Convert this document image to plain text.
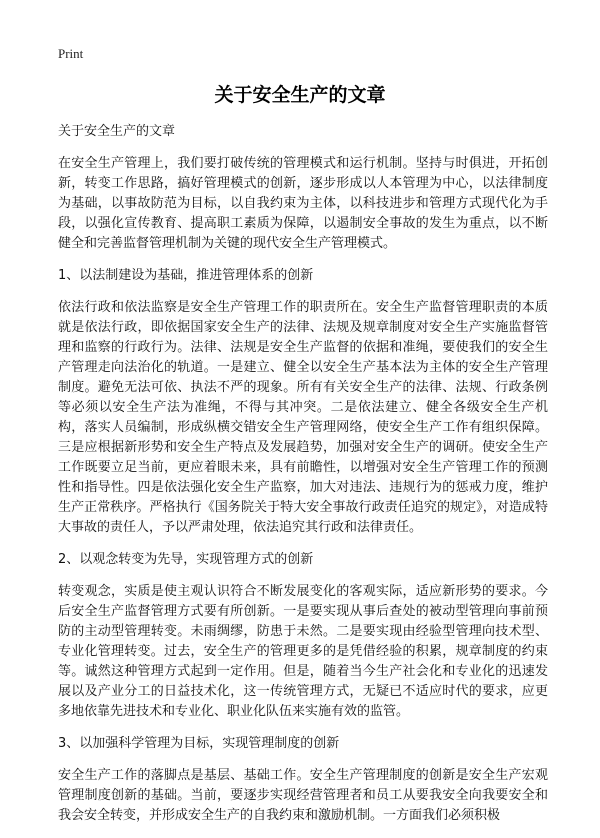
Print
关于安全生产的文章

关于安全生产的文章

在安全生产管理上，我们要打破传统的管理模式和运行机制。坚持与时俱进，开拓创新，转变工作思路，搞好管理模式的创新，逐步形成以人本管理为中心，以法律制度为基础，以事故防范为目标，以自我约束为主体，以科技进步和管理方式现代化为手段，以强化宣传教育、提高职工素质为保障，以遏制安全事故的发生为重点，以不断健全和完善监督管理机制为关键的现代安全生产管理模式。

1、以法制建设为基础，推进管理体系的创新

依法行政和依法监察是安全生产管理工作的职责所在。安全生产监督管理职责的本质就是依法行政，即依据国家安全生产的法律、法规及规章制度对安全生产实施监督管理和监察的行政行为。法律、法规是安全生产监督的依据和准绳，要使我们的安全生产管理走向法治化的轨道。一是建立、健全以安全生产基本法为主体的安全生产管理制度。避免无法可依、执法不严的现象。所有有关安全生产的法律、法规、行政条例等必须以安全生产法为准绳，不得与其冲突。二是依法建立、健全各级安全生产机构，落实人员编制，形成纵横交错安全生产管理网络，使安全生产工作有组织保障。三是应根据新形势和安全生产特点及发展趋势，加强对安全生产的调研。使安全生产工作既要立足当前，更应着眼未来，具有前瞻性，以增强对安全生产管理工作的预测性和指导性。四是依法强化安全生产监察，加大对违法、违规行为的惩戒力度，维护生产正常秩序。严格执行《国务院关于特大安全事故行政责任追究的规定》，对造成特大事故的责任人，予以严肃处理，依法追究其行政和法律责任。

2、以观念转变为先导，实现管理方式的创新

转变观念，实质是使主观认识符合不断发展变化的客观实际，适应新形势的要求。今后安全生产监督管理方式要有所创新。一是要实现从事后查处的被动型管理向事前预防的主动型管理转变。未雨绸缪，防患于未然。二是要实现由经验型管理向技术型、专业化管理转变。过去，安全生产的管理更多的是凭借经验的积累，规章制度的约束等。诚然这种管理方式起到一定作用。但是，随着当今生产社会化和专业化的迅速发展以及产业分工的日益技术化，这一传统管理方式，无疑已不适应时代的要求，应更多地依靠先进技术和专业化、职业化队伍来实施有效的监管。

3、以加强科学管理为目标，实现管理制度的创新

安全生产工作的落脚点是基层、基础工作。安全生产管理制度的创新是安全生产宏观管理制度创新的基础。当前，要逐步实现经营管理者和员工从要我安全向我要安全和我会安全转变，并形成安全生产的自我约束和激励机制。一方面我们必须积极
